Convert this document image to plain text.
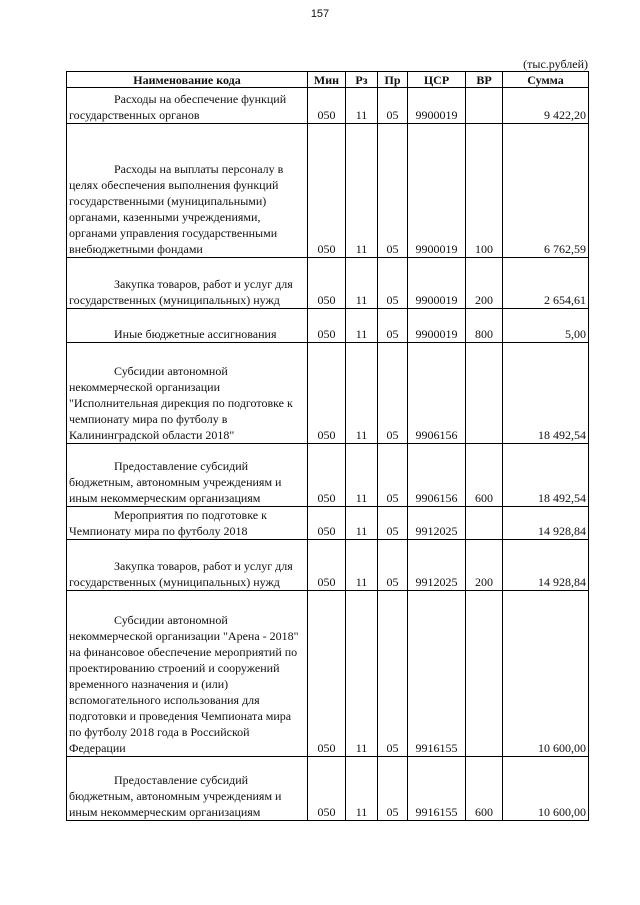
157
(тыс.рублей)
Наименование кода	Мин	Рз	Пр	ЦСР	ВР	Сумма

Расходы на обеспечение функций государственных органов	050	11	05	9900019		9 422,20

Расходы на выплаты персоналу в целях обеспечения выполнения функций государственными (муниципальными) органами, казенными учреждениями, органами управления государственными внебюджетными фондами	050	11	05	9900019	100	6 762,59

Закупка товаров, работ и услуг для государственных (муниципальных) нужд	050	11	05	9900019	200	2 654,61

Иные бюджетные ассигнования	050	11	05	9900019	800	5,00

Субсидии автономной некоммерческой организации "Исполнительная дирекция по подготовке к чемпионату мира по футболу в Калининградской области 2018"	050	11	05	9906156		18 492,54

Предоставление субсидий бюджетным, автономным учреждениям и иным некоммерческим организациям	050	11	05	9906156	600	18 492,54

Мероприятия по подготовке к Чемпионату мира по футболу 2018	050	11	05	9912025		14 928,84

Закупка товаров, работ и услуг для государственных (муниципальных) нужд	050	11	05	9912025	200	14 928,84

Субсидии автономной некоммерческой организации "Арена - 2018" на финансовое обеспечение мероприятий по проектированию строений и сооружений временного назначения и (или) вспомогательного использования для подготовки и проведения Чемпионата мира по футболу 2018 года в Российской Федерации	050	11	05	9916155		10 600,00

Предоставление субсидий бюджетным, автономным учреждениям и иным некоммерческим организациям	050	11	05	9916155	600	10 600,00
